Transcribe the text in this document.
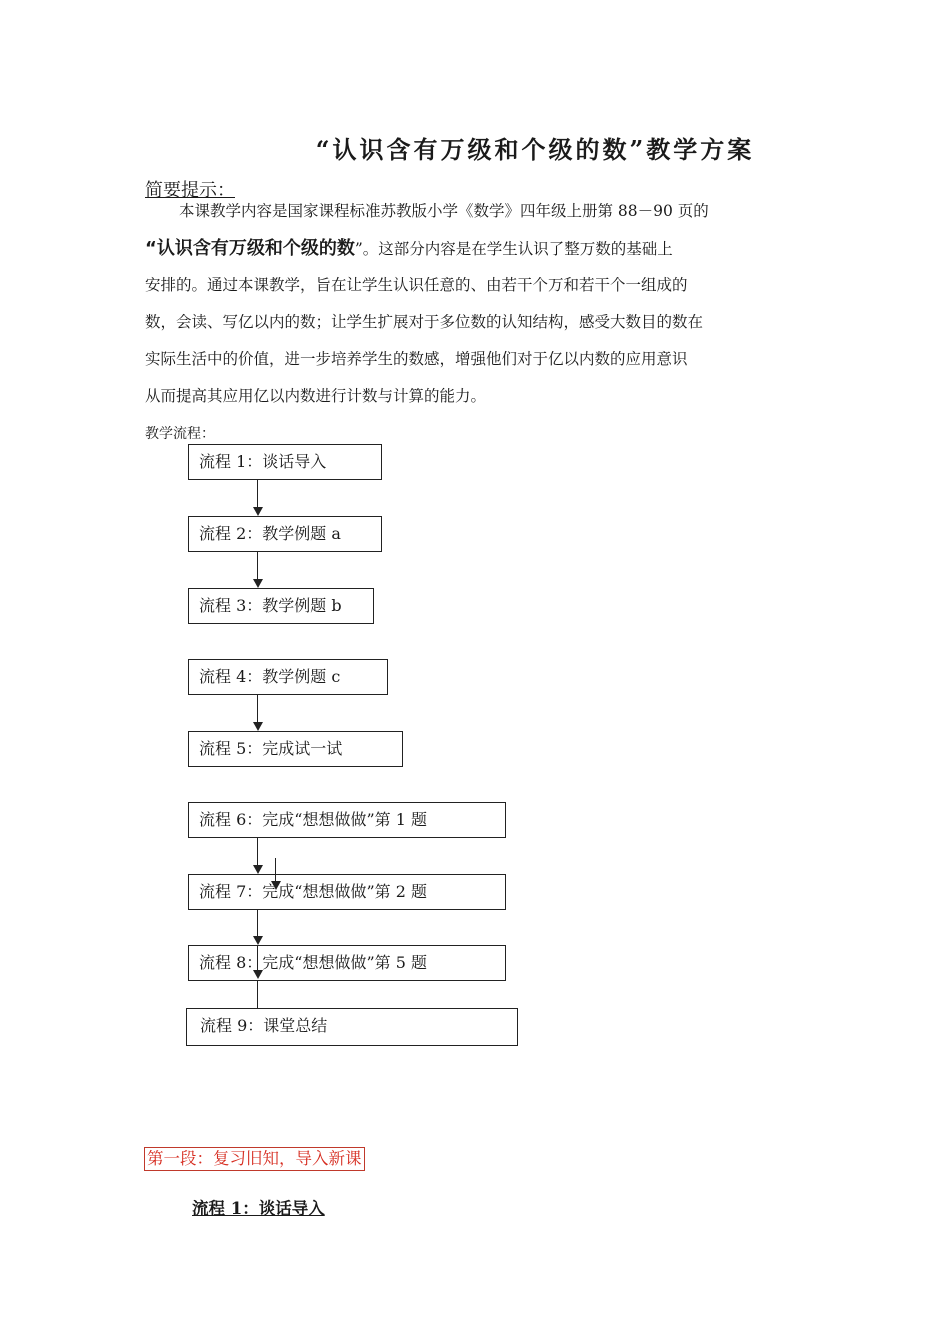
“认识含有万级和个级的数”教学方案
简要提示：
本课教学内容是国家课程标准苏教版小学《数学》四年级上册第 88－90 页的
“认识含有万级和个级的数”。这部分内容是在学生认识了整万数的基础上
安排的。通过本课教学，旨在让学生认识任意的、由若干个万和若干个一组成的
数，会读、写亿以内的数；让学生扩展对于多位数的认知结构，感受大数目的数在
实际生活中的价值，进一步培养学生的数感，增强他们对于亿以内数的应用意识
从而提高其应用亿以内数进行计数与计算的能力。
教学流程：
流程 1：谈话导入
流程 2：教学例题 a
流程 3：教学例题 b
流程 4：教学例题 c
流程 5：完成试一试
流程 6：完成“想想做做”第 1 题
流程 7：完成“想想做做”第 2 题
流程 8：完成“想想做做”第 5 题
流程 9：课堂总结
第一段：复习旧知，导入新课
流程 1：谈话导入
